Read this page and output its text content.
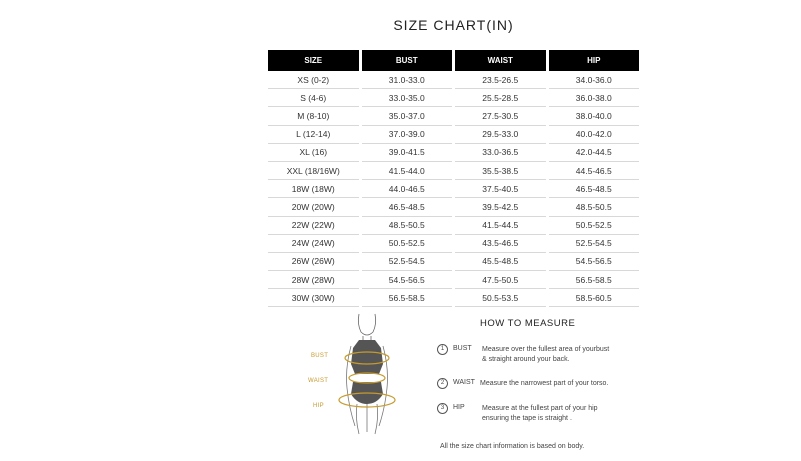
SIZE CHART(IN)
SIZE	BUST	WAIST	HIP
XS (0-2)	31.0-33.0	23.5-26.5	34.0-36.0
S (4-6)	33.0-35.0	25.5-28.5	36.0-38.0
M (8-10)	35.0-37.0	27.5-30.5	38.0-40.0
L (12-14)	37.0-39.0	29.5-33.0	40.0-42.0
XL (16)	39.0-41.5	33.0-36.5	42.0-44.5
XXL (18/16W)	41.5-44.0	35.5-38.5	44.5-46.5
18W (18W)	44.0-46.5	37.5-40.5	46.5-48.5
20W (20W)	46.5-48.5	39.5-42.5	48.5-50.5
22W (22W)	48.5-50.5	41.5-44.5	50.5-52.5
24W (24W)	50.5-52.5	43.5-46.5	52.5-54.5
26W (26W)	52.5-54.5	45.5-48.5	54.5-56.5
28W (28W)	54.5-56.5	47.5-50.5	56.5-58.5
30W (30W)	56.5-58.5	50.5-53.5	58.5-60.5
BUST
WAIST
HIP
HOW TO MEASURE
1	BUST Measure over the fullest area of yourbust
& straight around your back.
2	WAIST Measure the narrowest part of your torso.
3	HIP Measure at the fullest part of your hip
ensuring the tape is straight .
All the size chart information is based on body.
